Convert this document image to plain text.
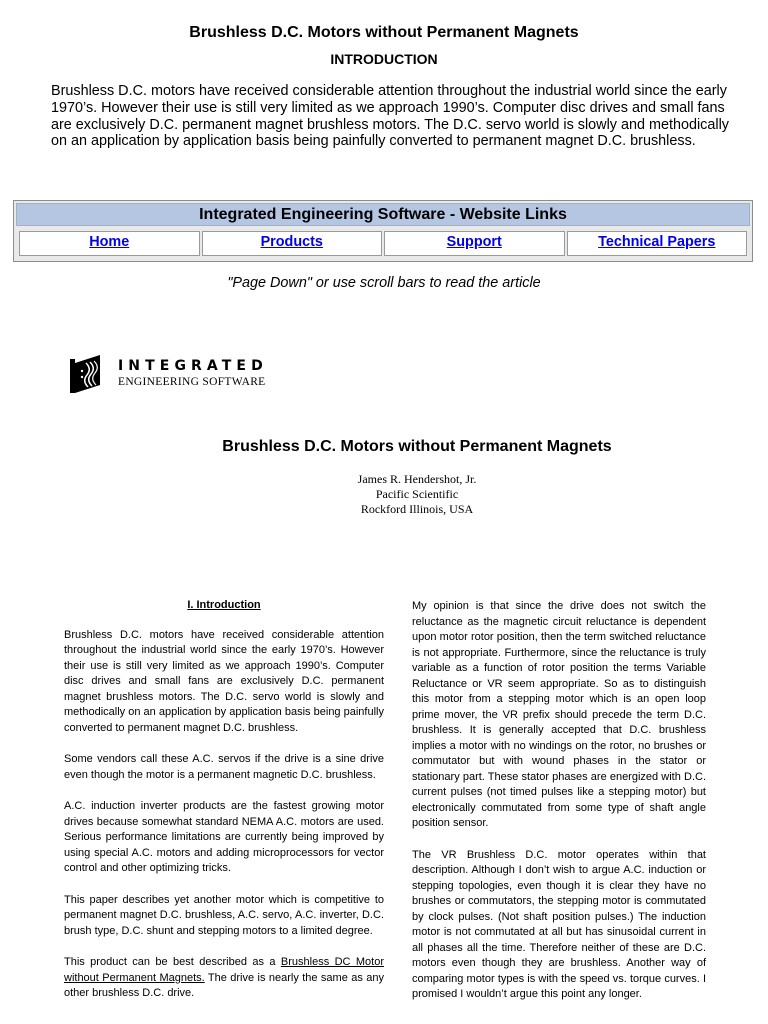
Brushless D.C. Motors without Permanent Magnets
INTRODUCTION
Brushless D.C. motors have received considerable attention throughout the industrial world since the early 1970’s. However their use is still very limited as we approach 1990’s. Computer disc drives and small fans are exclusively D.C. permanent magnet brushless motors. The D.C. servo world is slowly and methodically on an application by application basis being painfully converted to permanent magnet D.C. brushless.
Integrated Engineering Software - Website Links
Home	Products	Support	Technical Papers
"Page Down" or use scroll bars to read the article
INTEGRATED
ENGINEERING SOFTWARE
Brushless D.C. Motors without Permanent Magnets
James R. Hendershot, Jr.
Pacific Scientific
Rockford Illinois, USA
I. Introduction

Brushless D.C. motors have received considerable attention throughout the industrial world since the early 1970’s. However their use is still very limited as we approach 1990’s. Computer disc drives and small fans are exclusively D.C. permanent magnet brushless motors. The D.C. servo world is slowly and methodically on an application by application basis being painfully converted to permanent magnet D.C. brushless.

Some vendors call these A.C. servos if the drive is a sine drive even though the motor is a permanent magnetic D.C. brushless.

A.C. induction inverter products are the fastest growing motor drives because somewhat standard NEMA A.C. motors are used. Serious performance limitations are currently being improved by using special A.C. motors and adding microprocessors for vector control and other optimizing tricks.

This paper describes yet another motor which is competitive to permanent magnet D.C. brushless, A.C. servo, A.C. inverter, D.C. brush type, D.C. shunt and stepping motors to a limited degree.

This product can be best described as a Brushless DC Motor without Permanent Magnets. The drive is nearly the same as any other brushless D.C. drive.

My opinion is that since the drive does not switch the reluctance as the magnetic circuit reluctance is dependent upon motor rotor position, then the term switched reluctance is not appropriate. Furthermore, since the reluctance is truly variable as a function of rotor position the terms Variable Reluctance or VR seem appropriate. So as to distinguish this motor from a stepping motor which is an open loop prime mover, the VR prefix should precede the term D.C. brushless. It is generally accepted that D.C. brushless implies a motor with no windings on the rotor, no brushes or commutator but with wound phases in the stator or stationary part. These stator phases are energized with D.C. current pulses (not timed pulses like a stepping motor) but electronically commutated from some type of shaft angle position sensor.

The VR Brushless D.C. motor operates within that description. Although I don’t wish to argue A.C. induction or stepping topologies, even though it is clear they have no brushes or commutators, the stepping motor is commutated by clock pulses. (Not shaft position pulses.) The induction motor is not commutated at all but has sinusoidal current in all phases all the time. Therefore neither of these are D.C. motors even though they are brushless. Another way of comparing motor types is with the speed vs. torque curves. I promised I wouldn’t argue this point any longer.
